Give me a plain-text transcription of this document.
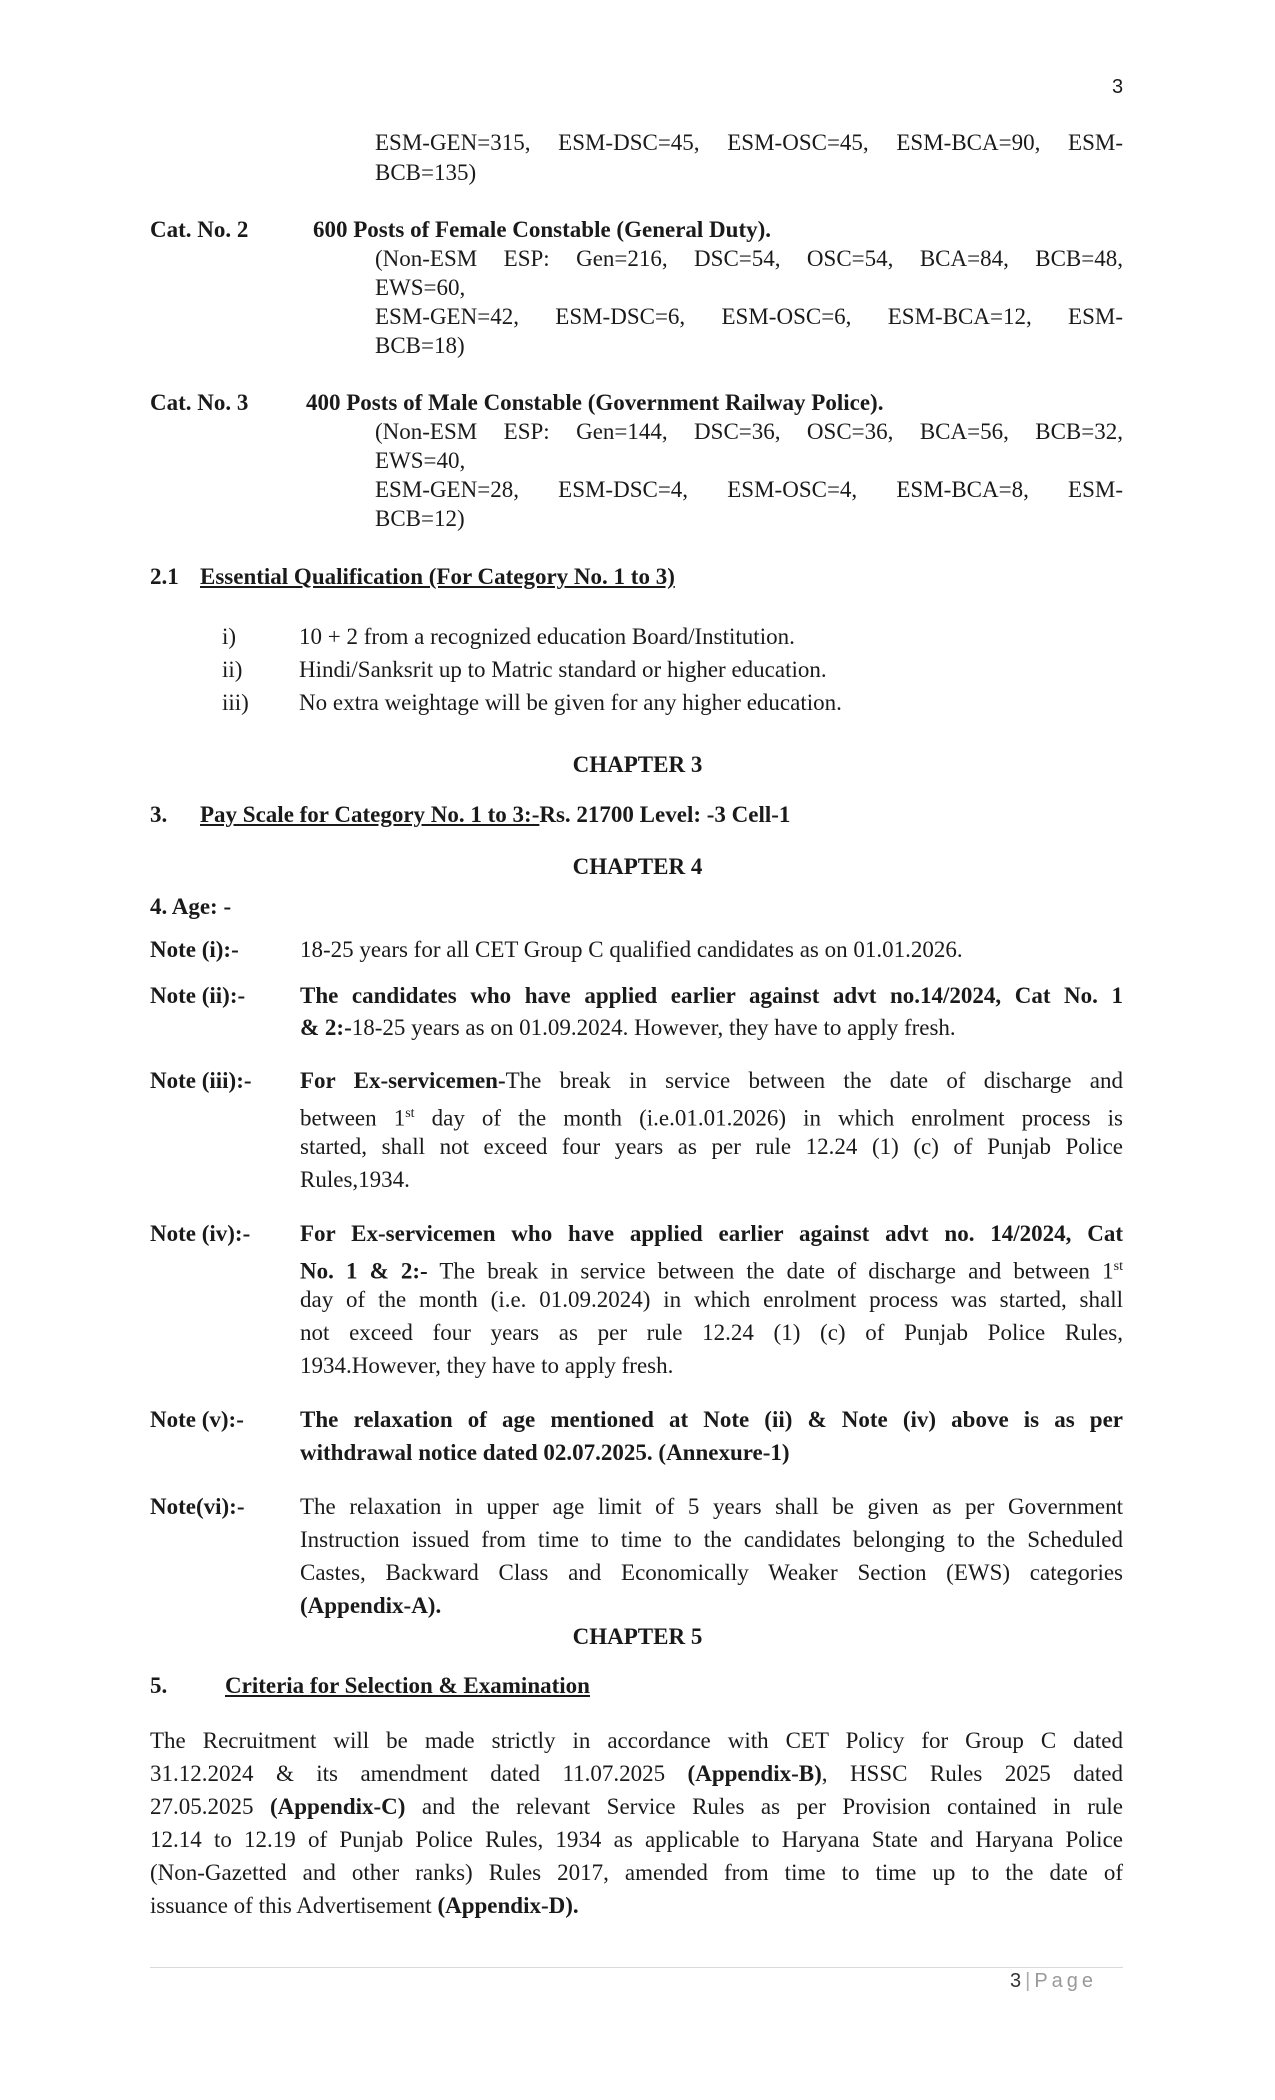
3
ESM-GEN=315, ESM-DSC=45, ESM-OSC=45, ESM-BCA=90, ESM-
BCB=135)
Cat. No. 2	600 Posts of Female Constable (General Duty).
(Non-ESM ESP: Gen=216, DSC=54, OSC=54, BCA=84, BCB=48,
EWS=60,
ESM-GEN=42, ESM-DSC=6, ESM-OSC=6, ESM-BCA=12, ESM-
BCB=18)
Cat. No. 3	400 Posts of Male Constable (Government Railway Police).
(Non-ESM ESP: Gen=144, DSC=36, OSC=36, BCA=56, BCB=32,
EWS=40,
ESM-GEN=28, ESM-DSC=4, ESM-OSC=4, ESM-BCA=8, ESM-
BCB=12)
2.1 Essential Qualification (For Category No. 1 to 3)
i)	10 + 2 from a recognized education Board/Institution.
ii) Hindi/Sanksrit up to Matric standard or higher education.
iii) No extra weightage will be given for any higher education.
CHAPTER 3
3. Pay Scale for Category No. 1 to 3:-Rs. 21700 Level: -3 Cell-1
CHAPTER 4
4. Age: -
Note (i):-	18-25 years for all CET Group C qualified candidates as on 01.01.2026.
Note (ii):- The candidates who have applied earlier against advt no.14/2024, Cat No. 1
& 2:-18-25 years as on 01.09.2024. However, they have to apply fresh.
Note (iii):- For Ex-servicemen-The break in service between the date of discharge and
between 1st day of the month (i.e.01.01.2026) in which enrolment process is
started, shall not exceed four years as per rule 12.24 (1) (c) of Punjab Police
Rules,1934.
Note (iv):- For Ex-servicemen who have applied earlier against advt no. 14/2024, Cat
No. 1 & 2:- The break in service between the date of discharge and between 1st
day of the month (i.e. 01.09.2024) in which enrolment process was started, shall
not exceed four years as per rule 12.24 (1) (c) of Punjab Police Rules,
1934.However, they have to apply fresh.
Note (v):- The relaxation of age mentioned at Note (ii) & Note (iv) above is as per
withdrawal notice dated 02.07.2025. (Annexure-1)
Note(vi):- The relaxation in upper age limit of 5 years shall be given as per Government
Instruction issued from time to time to the candidates belonging to the Scheduled
Castes, Backward Class and Economically Weaker Section (EWS) categories
(Appendix-A).
CHAPTER 5
5.	Criteria for Selection & Examination
The Recruitment will be made strictly in accordance with CET Policy for Group C dated
31.12.2024 & its amendment dated 11.07.2025 (Appendix-B), HSSC Rules 2025 dated
27.05.2025 (Appendix-C) and the relevant Service Rules as per Provision contained in rule
12.14 to 12.19 of Punjab Police Rules, 1934 as applicable to Haryana State and Haryana Police
(Non-Gazetted and other ranks) Rules 2017, amended from time to time up to the date of
issuance of this Advertisement (Appendix-D).
3 | Page
